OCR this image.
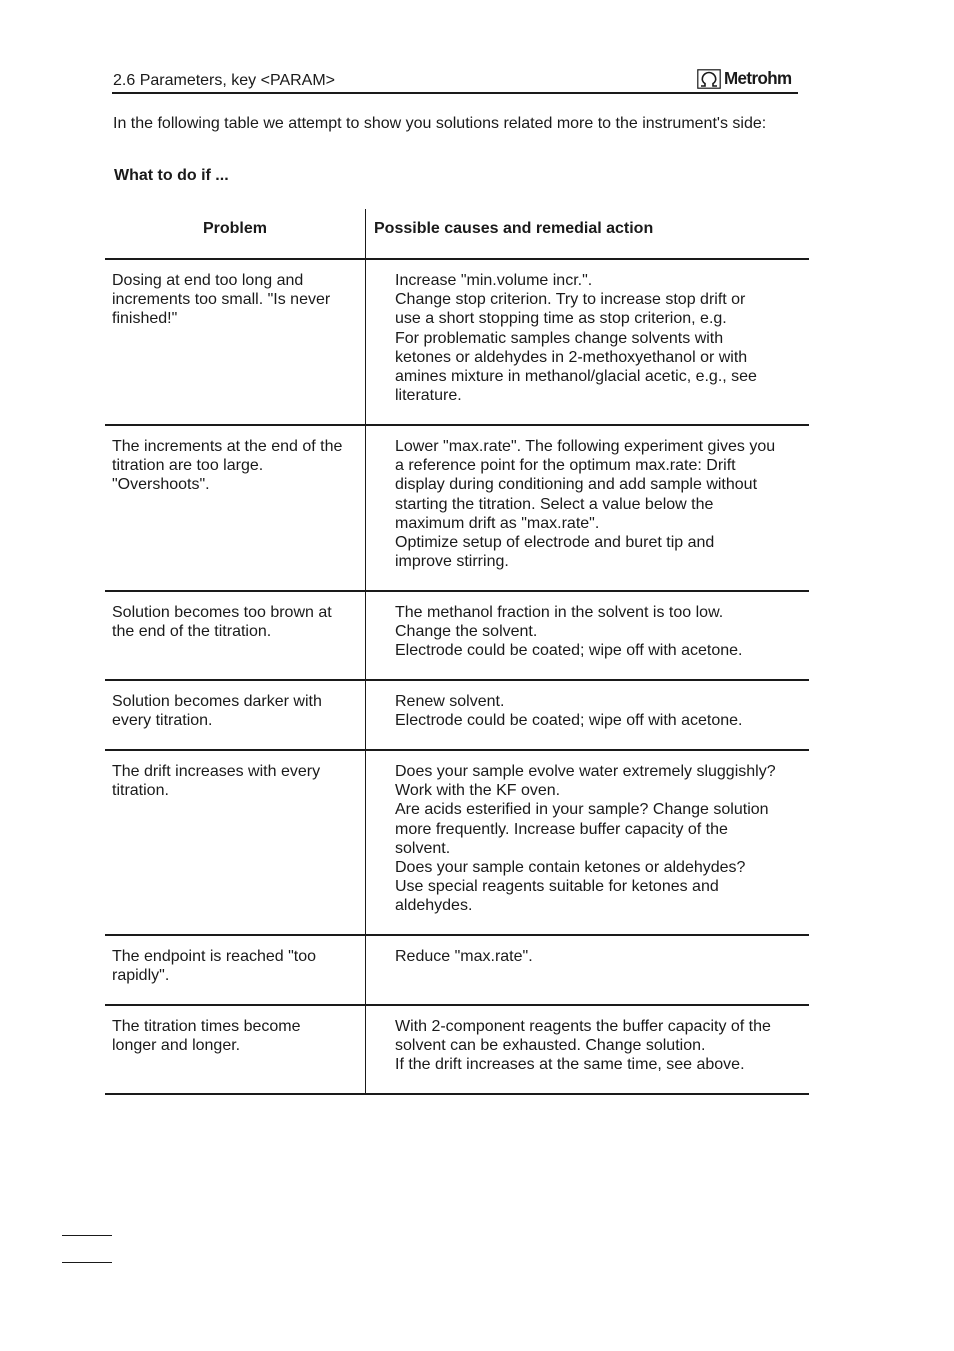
2.6 Parameters, key <PARAM>	Metrohm

In the following table we attempt to show you solutions related more to the instrument's side:

What to do if ...

Problem	Possible causes and remedial action
Dosing at end too long and
increments too small. "Is never
finished!"
Increase "min.volume incr.".
Change stop criterion. Try to increase stop drift or
use a short stopping time as stop criterion, e.g.
For problematic samples change solvents with
ketones or aldehydes in 2-methoxyethanol or with
amines mixture in methanol/glacial acetic, e.g., see
literature.
The increments at the end of the
titration are too large.
"Overshoots".
Lower "max.rate". The following experiment gives you
a reference point for the optimum max.rate: Drift
display during conditioning and add sample without
starting the titration. Select a value below the
maximum drift as "max.rate".
Optimize setup of electrode and buret tip and
improve stirring.
Solution becomes too brown at
the end of the titration.
The methanol fraction in the solvent is too low.
Change the solvent.
Electrode could be coated; wipe off with acetone.
Solution becomes darker with
every titration.
Renew solvent.
Electrode could be coated; wipe off with acetone.
The drift increases with every
titration.
Does your sample evolve water extremely sluggishly?
Work with the KF oven.
Are acids esterified in your sample? Change solution
more frequently. Increase buffer capacity of the
solvent.
Does your sample contain ketones or aldehydes?
Use special reagents suitable for ketones and
aldehydes.
The endpoint is reached "too
rapidly".
Reduce "max.rate".
The titration times become
longer and longer.
With 2-component reagents the buffer capacity of the
solvent can be exhausted. Change solution.
If the drift increases at the same time, see above.
